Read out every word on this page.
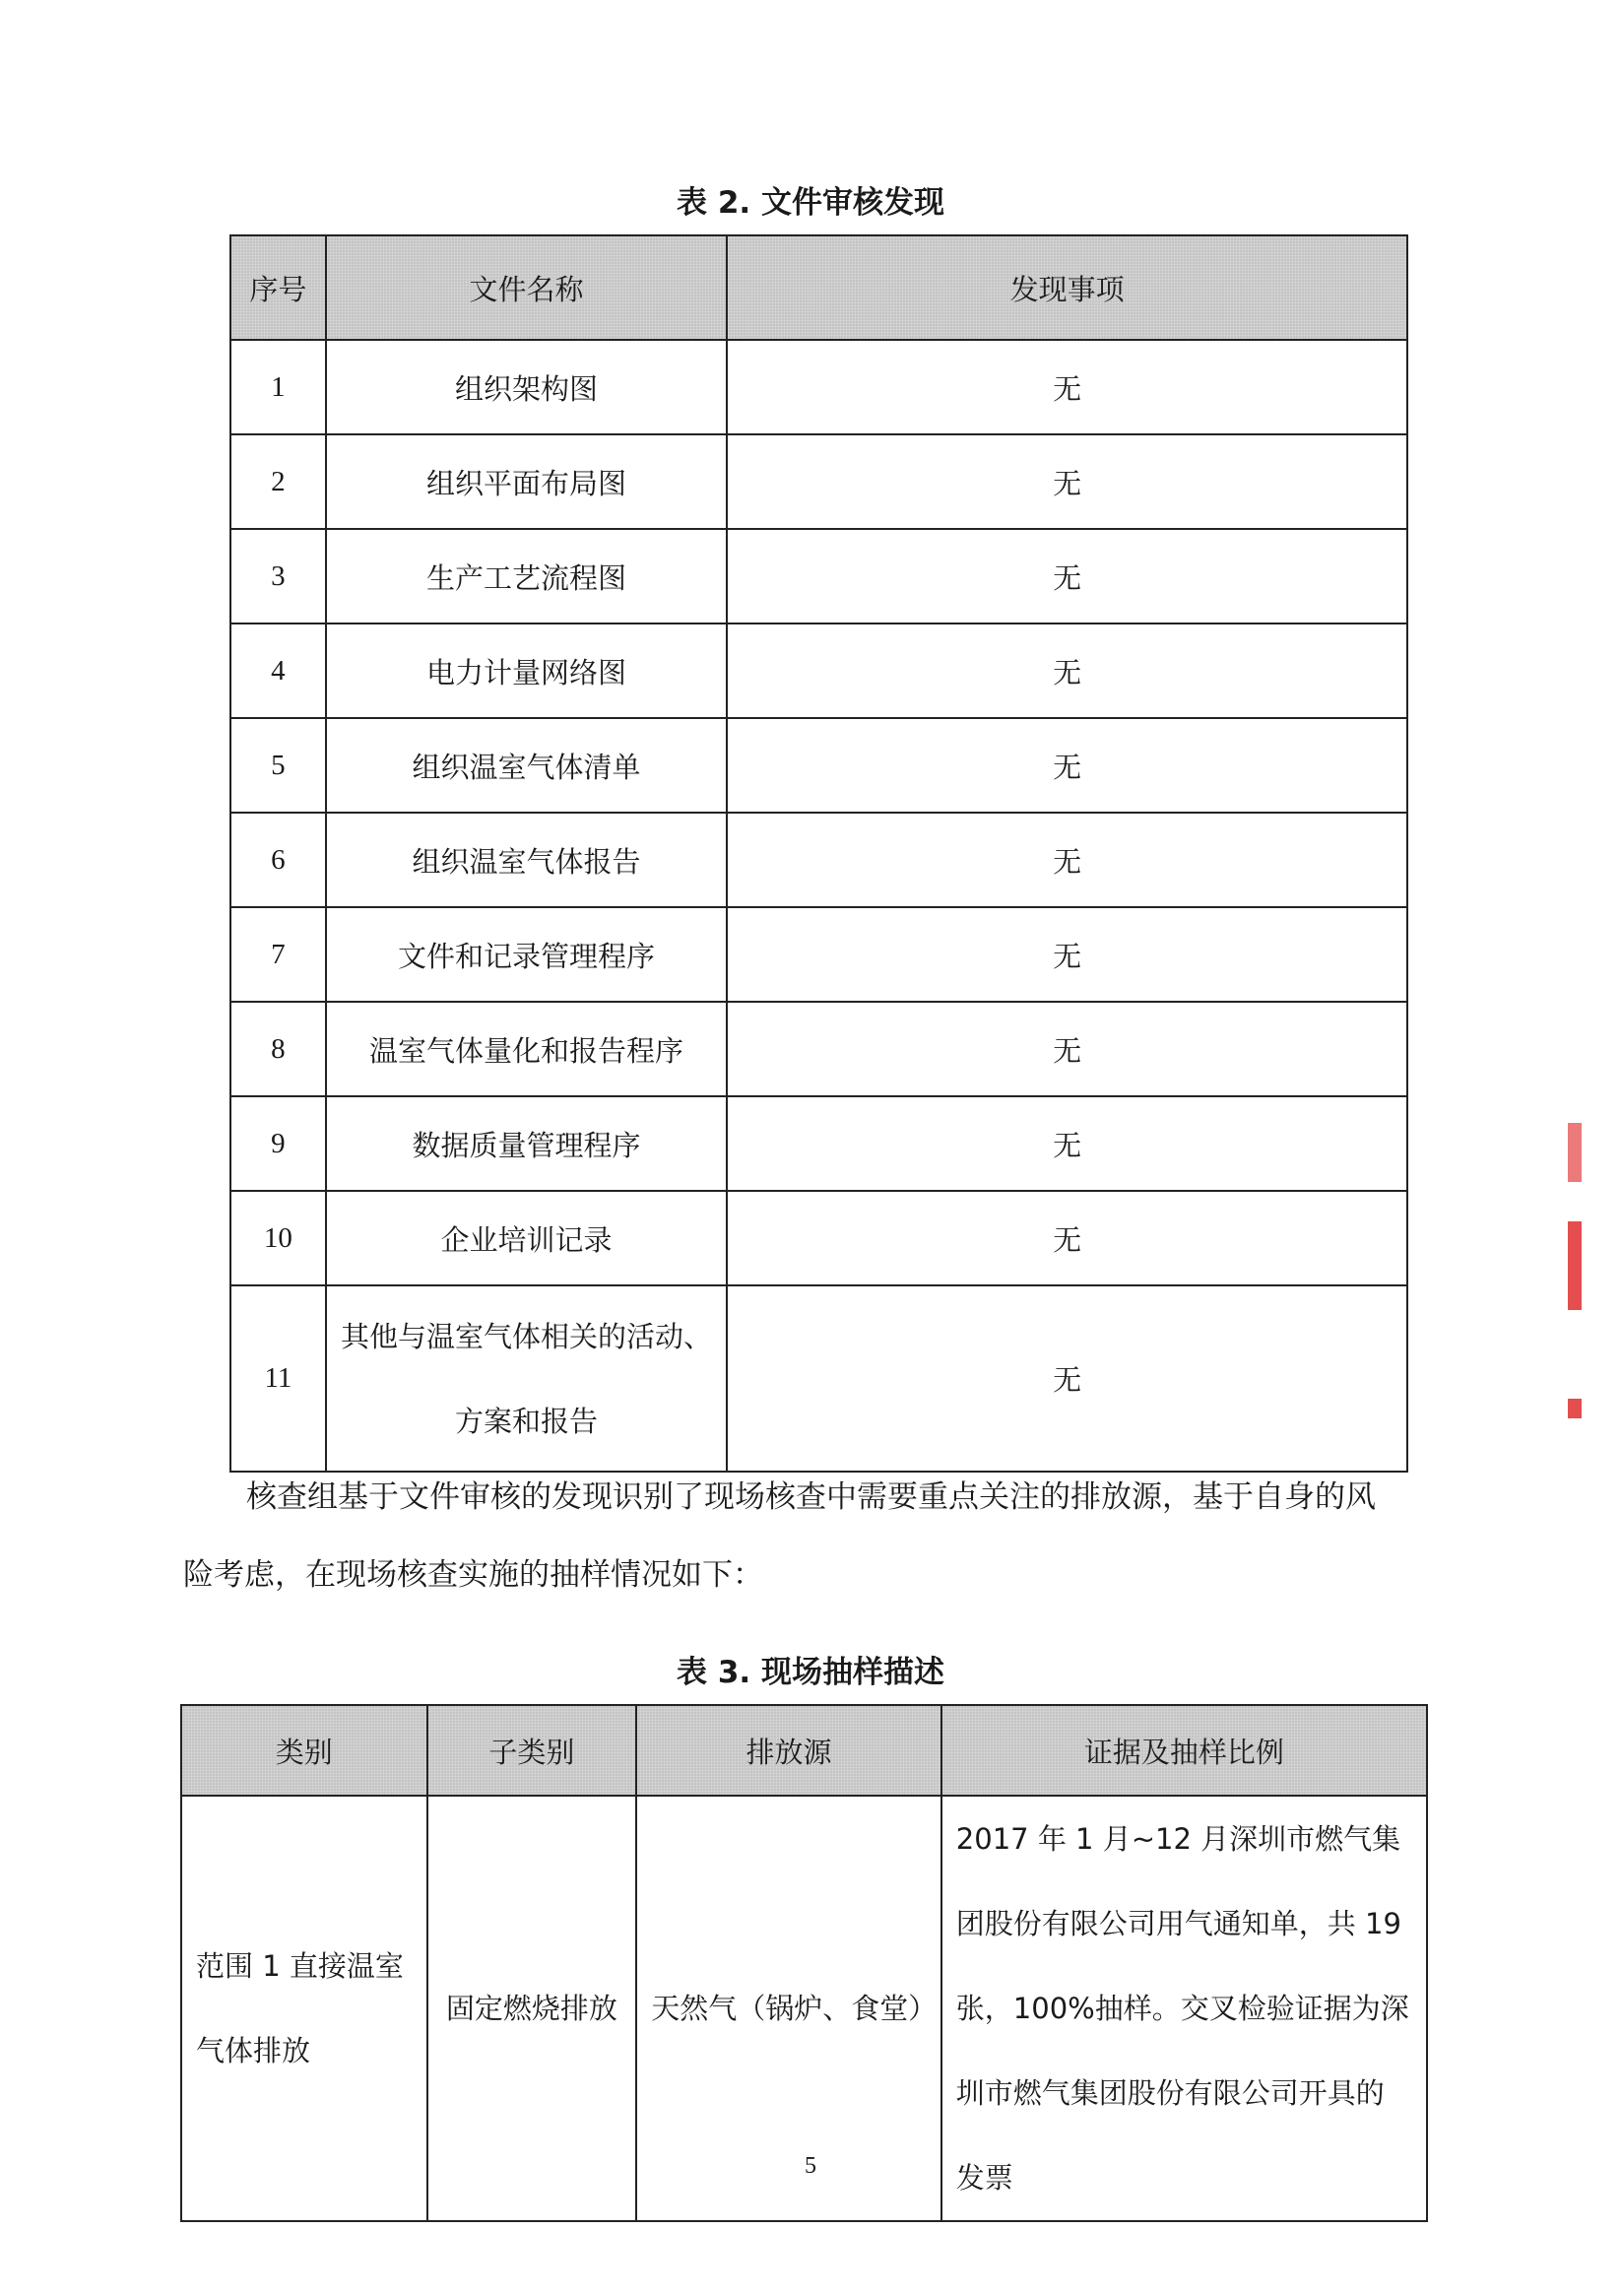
表 2. 文件审核发现
序号	文件名称	发现事项
1	组织架构图	无
2	组织平面布局图	无
3	生产工艺流程图	无
4	电力计量网络图	无
5	组织温室气体清单	无
6	组织温室气体报告	无
7	文件和记录管理程序	无
8	温室气体量化和报告程序	无
9	数据质量管理程序	无
10	企业培训记录	无
11	其他与温室气体相关的活动、方案和报告	无
核查组基于文件审核的发现识别了现场核查中需要重点关注的排放源，基于自身的风
险考虑，在现场核查实施的抽样情况如下：
表 3. 现场抽样描述
类别	子类别	排放源	证据及抽样比例
范围 1 直接温室气体排放	固定燃烧排放	天然气（锅炉、食堂）	2017 年 1 月~12 月深圳市燃气集团股份有限公司用气通知单，共 19 张，100%抽样。交叉检验证据为深圳市燃气集团股份有限公司开具的发票
5
